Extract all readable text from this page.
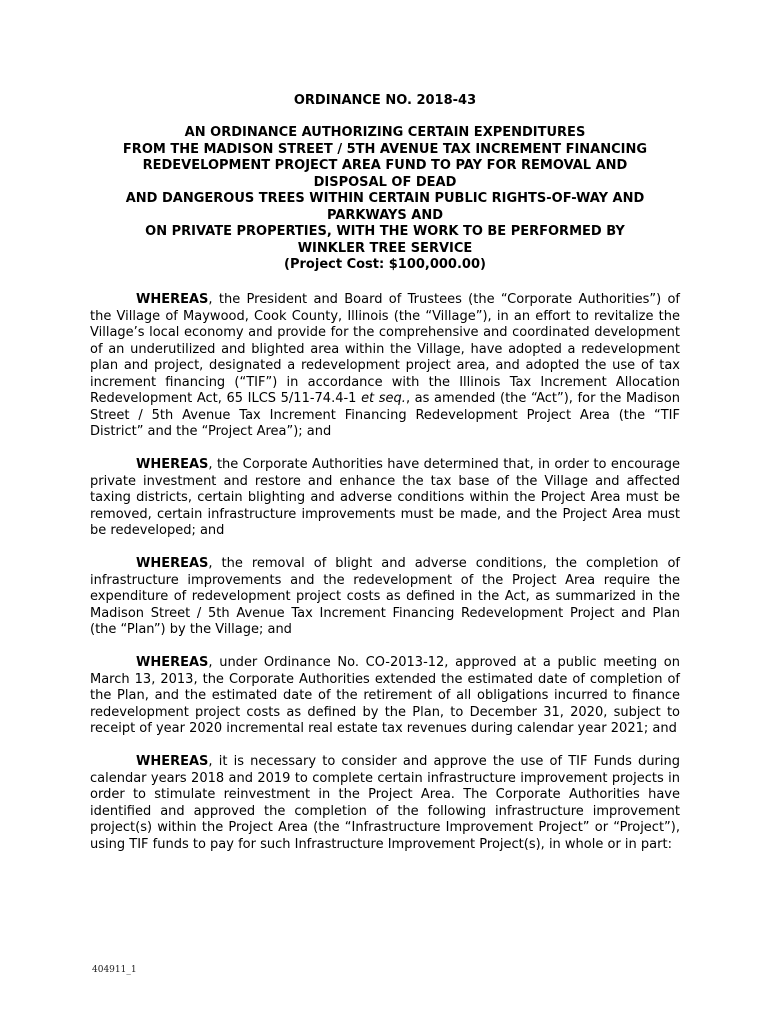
ORDINANCE NO. 2018-43

AN ORDINANCE AUTHORIZING CERTAIN EXPENDITURES
FROM THE MADISON STREET / 5TH AVENUE TAX INCREMENT FINANCING
REDEVELOPMENT PROJECT AREA FUND TO PAY FOR REMOVAL AND
DISPOSAL OF DEAD
AND DANGEROUS TREES WITHIN CERTAIN PUBLIC RIGHTS-OF-WAY AND
PARKWAYS AND
ON PRIVATE PROPERTIES, WITH THE WORK TO BE PERFORMED BY
WINKLER TREE SERVICE
(Project Cost: $100,000.00)

WHEREAS, the President and Board of Trustees (the “Corporate Authorities”) of the Village of Maywood, Cook County, Illinois (the “Village”), in an effort to revitalize the Village’s local economy and provide for the comprehensive and coordinated development of an underutilized and blighted area within the Village, have adopted a redevelopment plan and project, designated a redevelopment project area, and adopted the use of tax increment financing (“TIF”) in accordance with the Illinois Tax Increment Allocation Redevelopment Act, 65 ILCS 5/11-74.4-1 et seq., as amended (the “Act”), for the Madison Street / 5th Avenue Tax Increment Financing Redevelopment Project Area (the “TIF District” and the “Project Area”); and

WHEREAS, the Corporate Authorities have determined that, in order to encourage private investment and restore and enhance the tax base of the Village and affected taxing districts, certain blighting and adverse conditions within the Project Area must be removed, certain infrastructure improvements must be made, and the Project Area must be redeveloped; and

WHEREAS, the removal of blight and adverse conditions, the completion of infrastructure improvements and the redevelopment of the Project Area require the expenditure of redevelopment project costs as defined in the Act, as summarized in the Madison Street / 5th Avenue Tax Increment Financing Redevelopment Project and Plan (the “Plan”) by the Village; and

WHEREAS, under Ordinance No. CO-2013-12, approved at a public meeting on March 13, 2013, the Corporate Authorities extended the estimated date of completion of the Plan, and the estimated date of the retirement of all obligations incurred to finance redevelopment project costs as defined by the Plan, to December 31, 2020, subject to receipt of year 2020 incremental real estate tax revenues during calendar year 2021; and

WHEREAS, it is necessary to consider and approve the use of TIF Funds during calendar years 2018 and 2019 to complete certain infrastructure improvement projects in order to stimulate reinvestment in the Project Area. The Corporate Authorities have identified and approved the completion of the following infrastructure improvement project(s) within the Project Area (the “Infrastructure Improvement Project” or “Project”), using TIF funds to pay for such Infrastructure Improvement Project(s), in whole or in part:

404911_1
